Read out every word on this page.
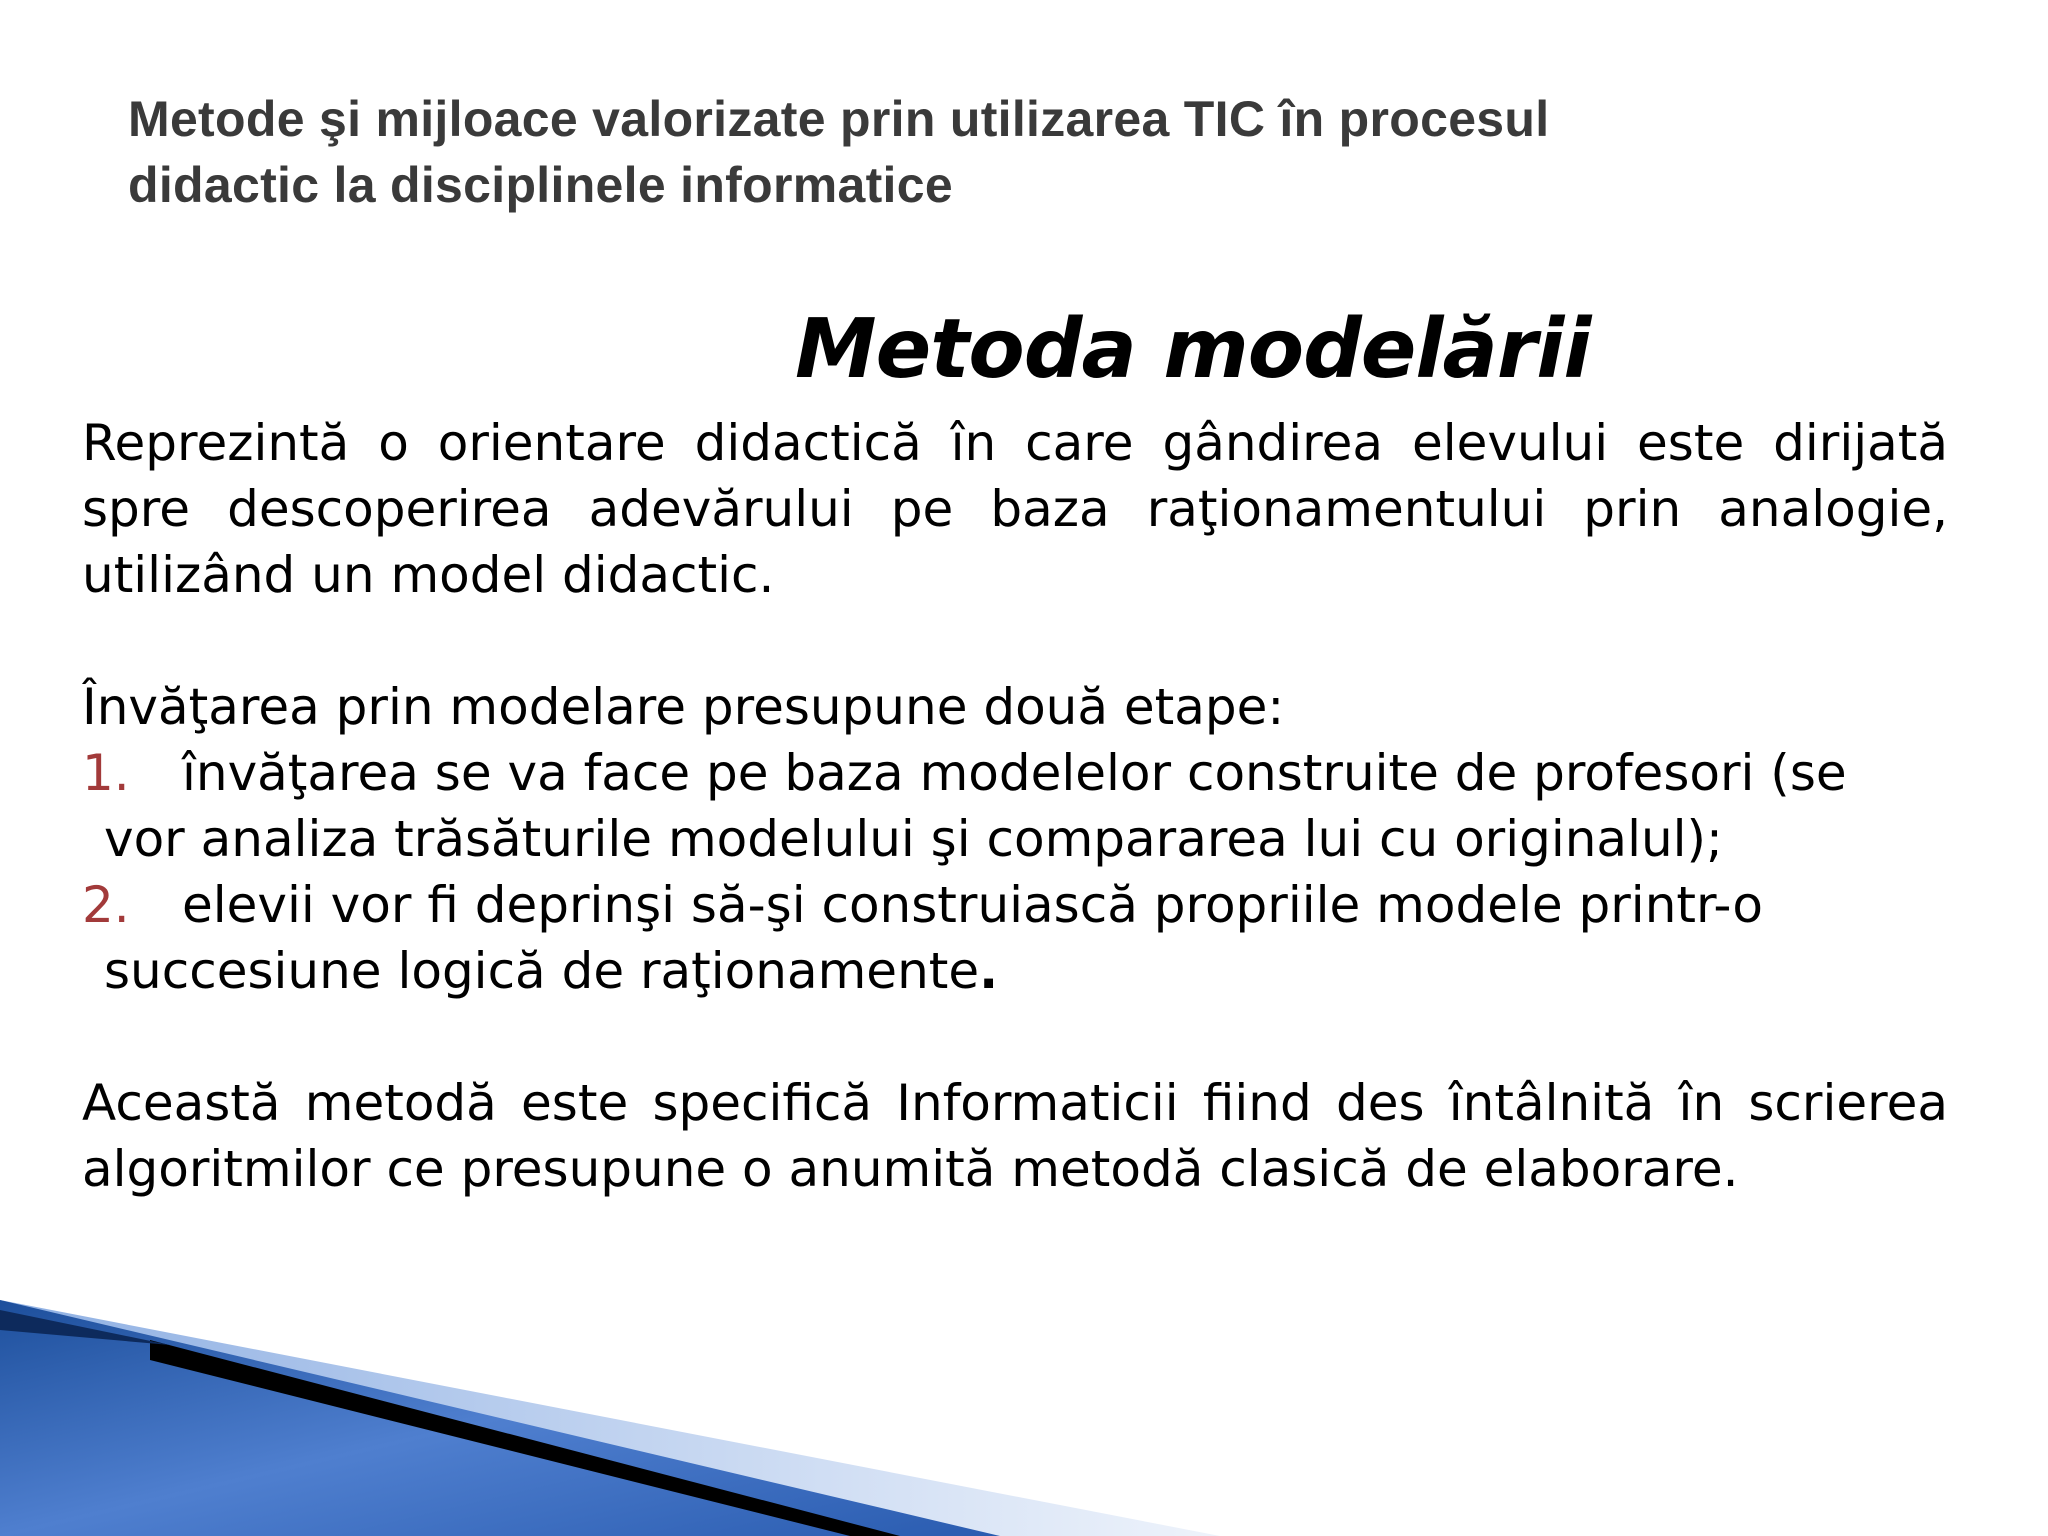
Metode şi mijloace valorizate prin utilizarea TIC în procesul
didactic la disciplinele informatice
Metoda modelării

Reprezintă o orientare didactică în care gândirea elevului este dirijată spre descoperirea adevărului pe baza raţionamentului prin analogie, utilizând un model didactic.

Învăţarea prin modelare presupune două etape:

1. învăţarea se va face pe baza modelelor construite de profesori (se
vor analiza trăsăturile modelului şi compararea lui cu originalul);
2. elevii vor fi deprinşi să-şi construiască propriile modele printr-o
succesiune logică de raţionamente.

Această metodă este specifică Informaticii fiind des întâlnită în scrierea algoritmilor ce presupune o anumită metodă clasică de elaborare.
